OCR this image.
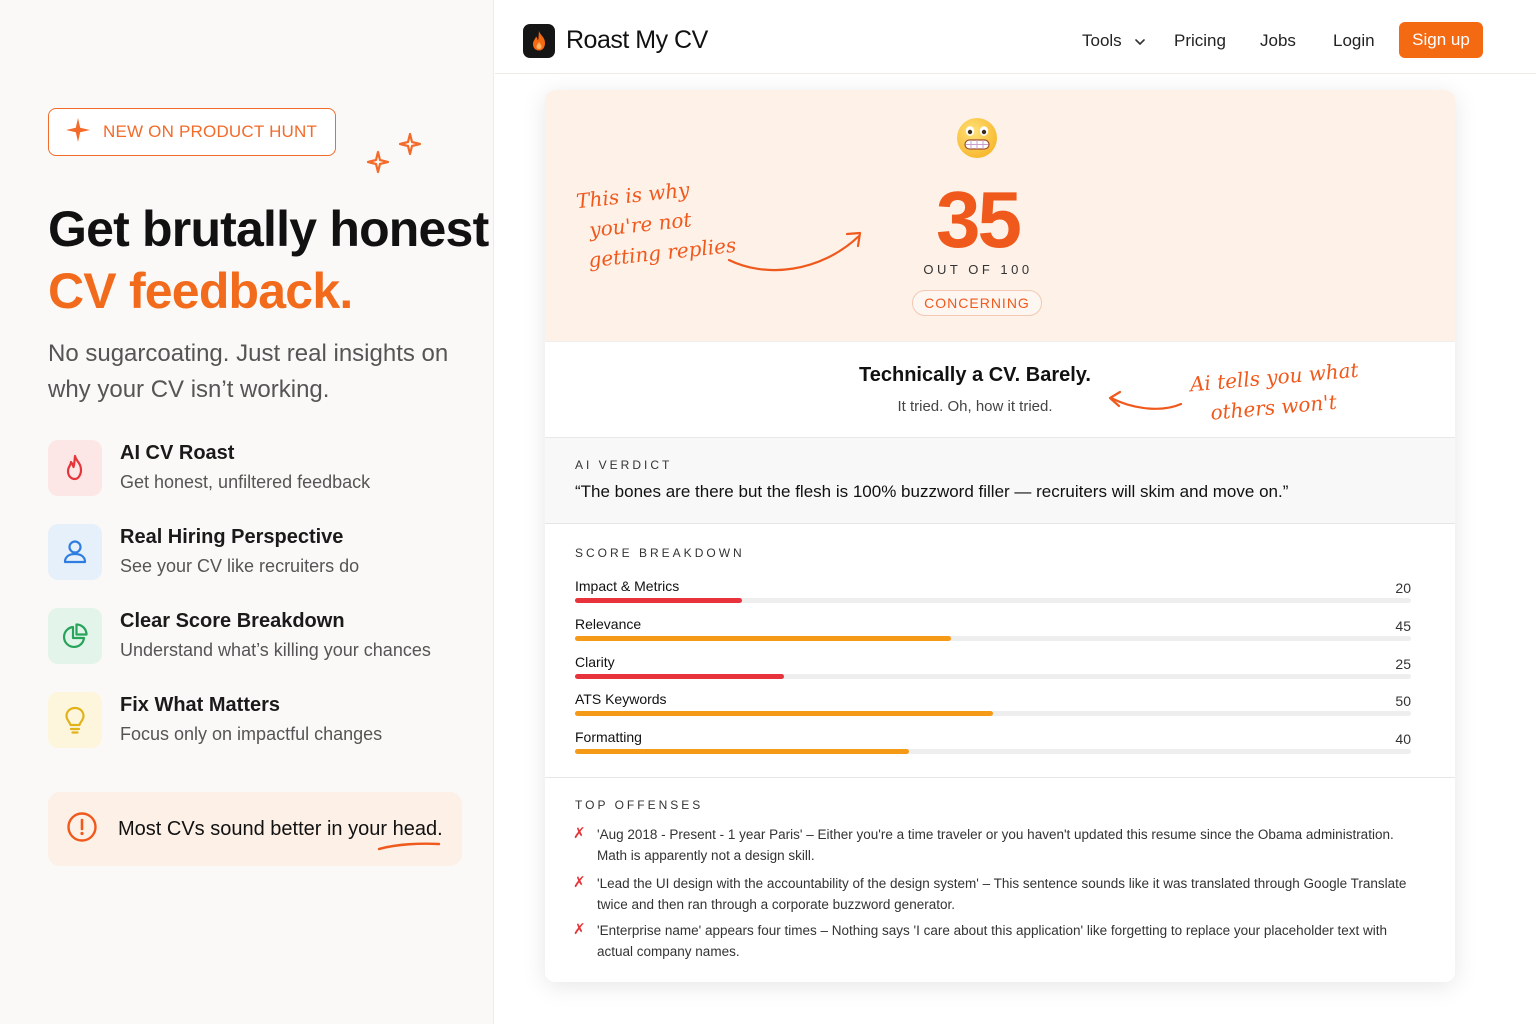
NEW ON PRODUCT HUNT
Get brutally honest
CV feedback.

No sugarcoating. Just real insights on why your CV isn’t working.

AI CV Roast
Get honest, unfiltered feedback
Real Hiring Perspective
See your CV like recruiters do
Clear Score Breakdown
Understand what’s killing your chances
Fix What Matters
Focus only on impactful changes
Most CVs sound better in your head.
Roast My CV	Tools	Pricing Jobs Login	Sign up
35
OUT OF 100
CONCERNING
This is why
you're not
getting replies
Technically a CV. Barely.
It tried. Oh, how it tried.
Ai tells you what
others won't
AI VERDICT
“The bones are there but the flesh is 100% buzzword filler — recruiters will skim and move on.”
SCORE BREAKDOWN
Impact & Metrics	20
Relevance	45
Clarity	25
ATS Keywords	50
Formatting	40
TOP OFFENSES
✗ 'Aug 2018 - Present - 1 year Paris' – Either you're a time traveler or you haven't updated this resume since the Obama administration. Math is apparently not a design skill.
✗ 'Lead the UI design with the accountability of the design system' – This sentence sounds like it was translated through Google Translate twice and then ran through a corporate buzzword generator.
✗ 'Enterprise name' appears four times – Nothing says 'I care about this application' like forgetting to replace your placeholder text with actual company names.
